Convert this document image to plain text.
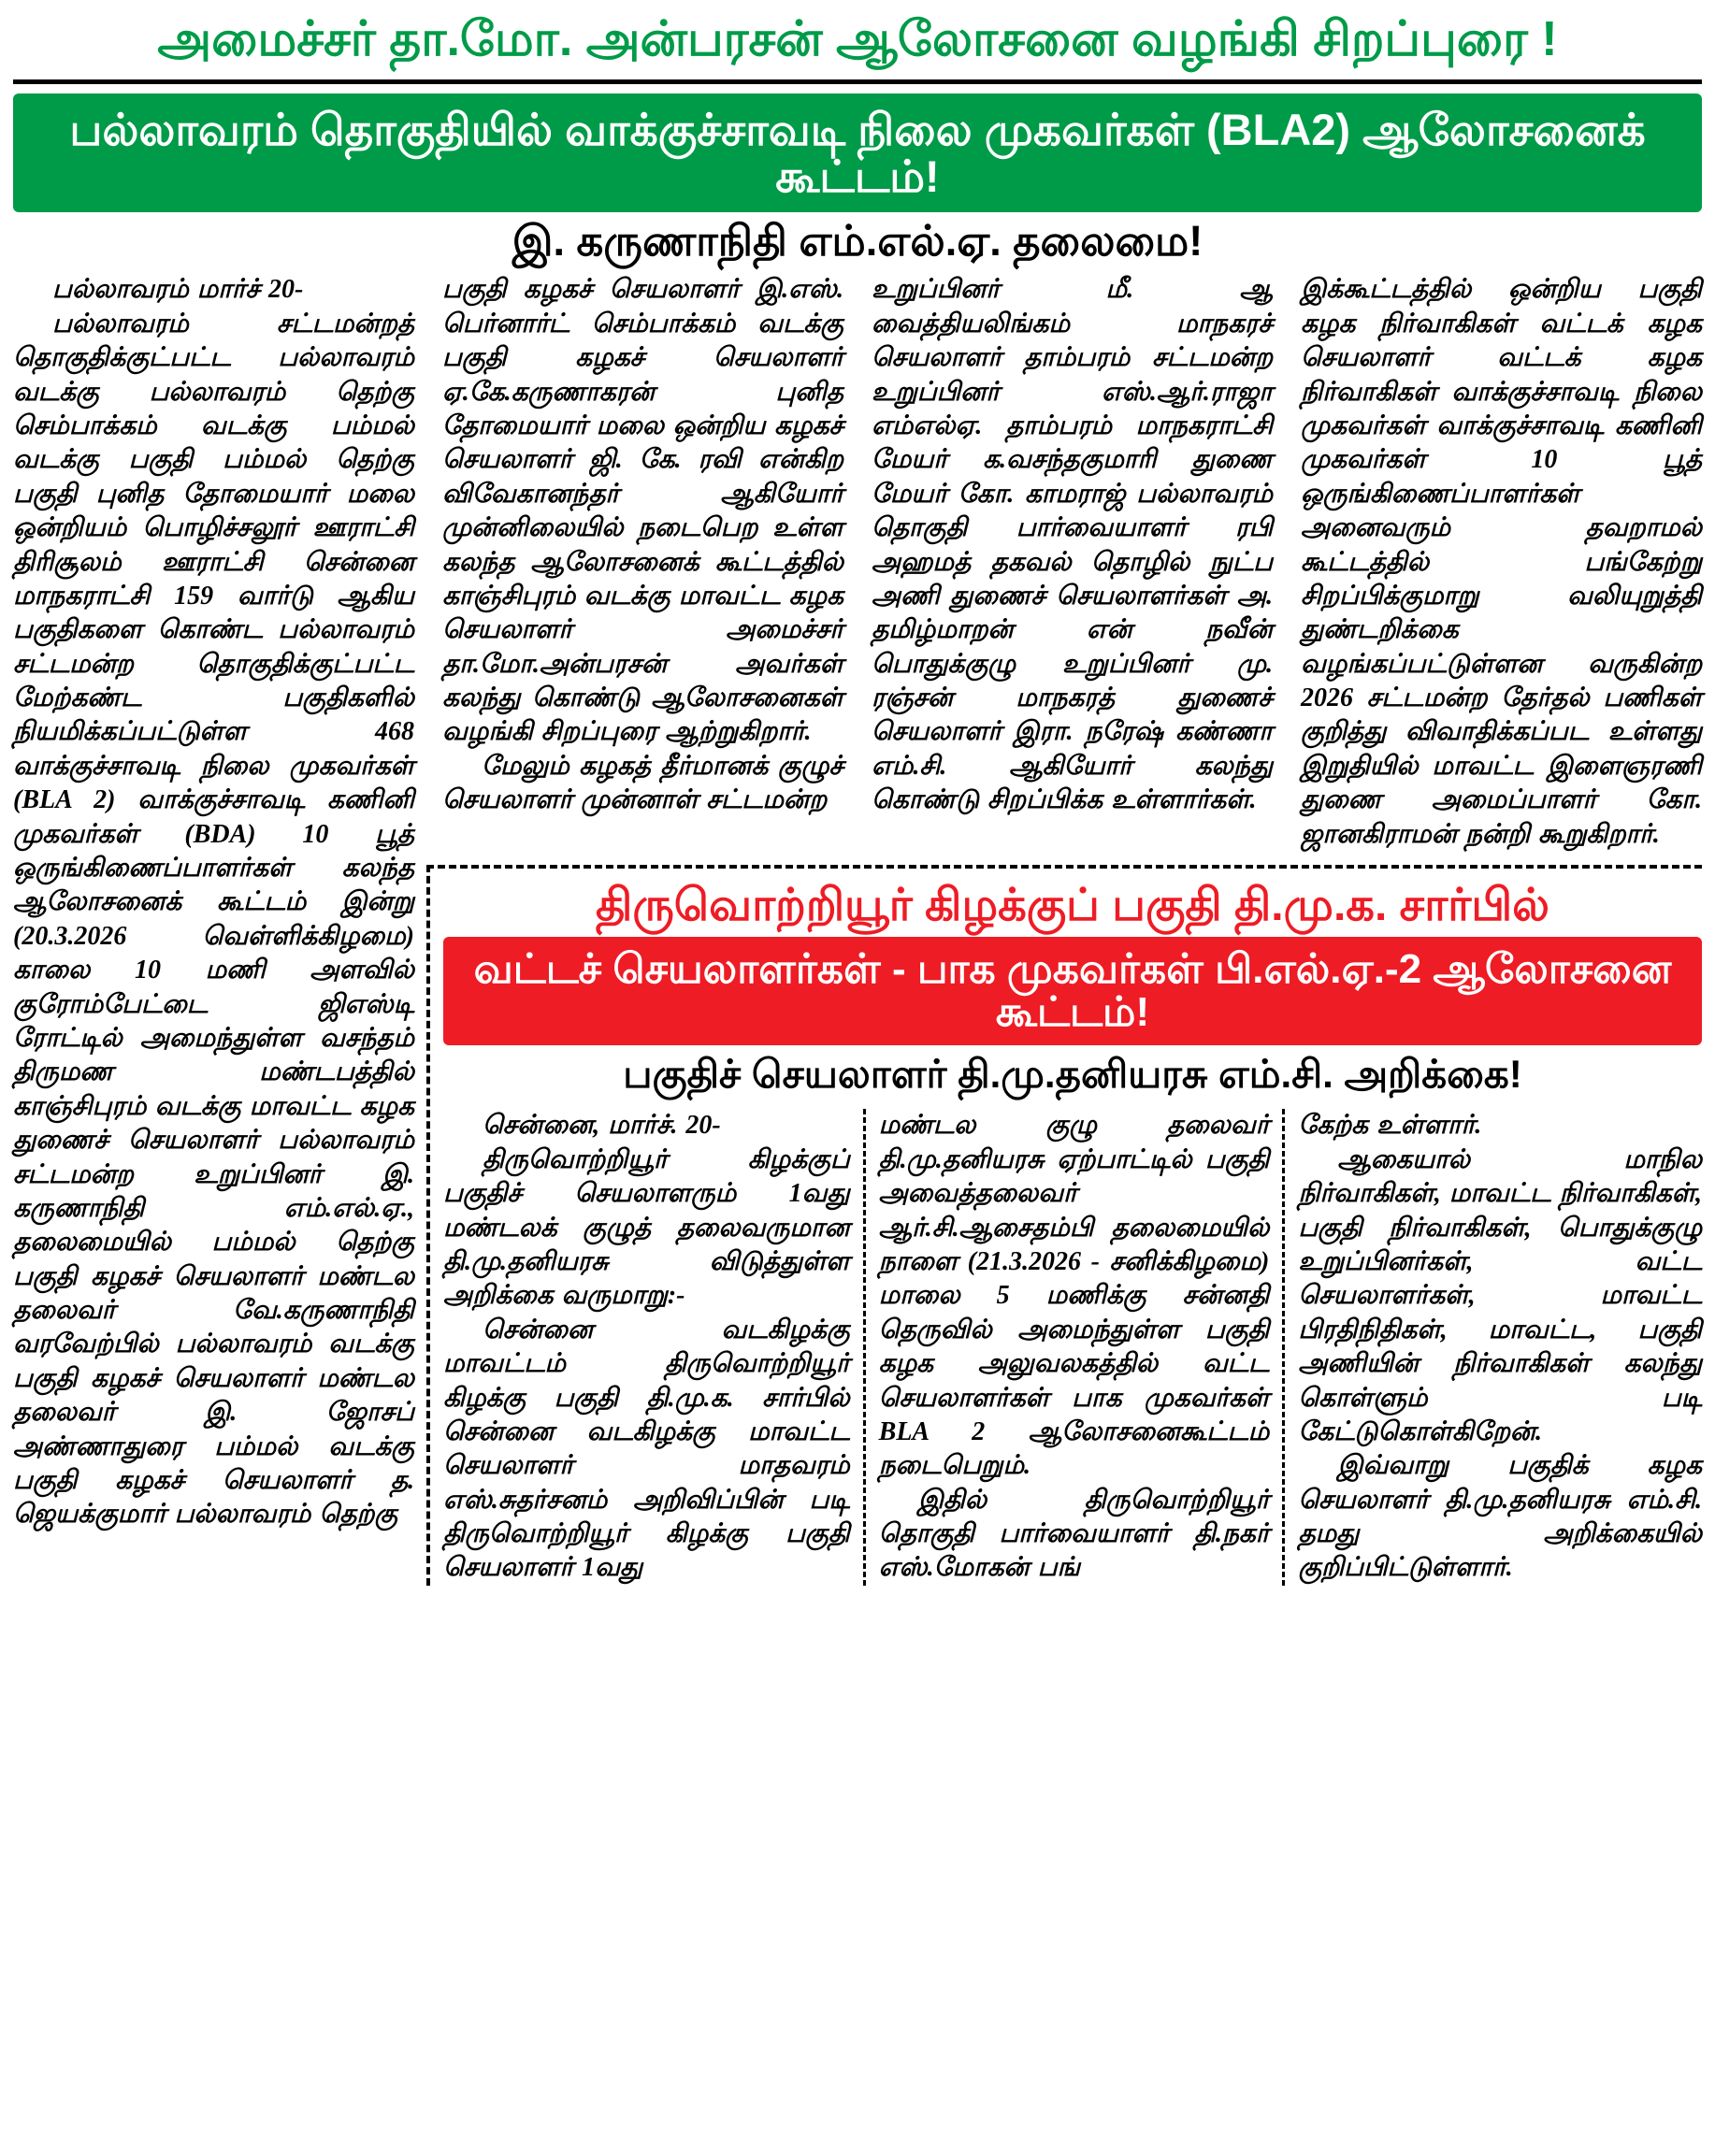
அமைச்சர் தா.மோ. அன்பரசன் ஆலோசனை வழங்கி சிறப்புரை !
பல்லாவரம் தொகுதியில் வாக்குச்சாவடி நிலை முகவர்கள் (BLA2) ஆலோசனைக் கூட்டம்!
இ. கருணாநிதி எம்.எல்.ஏ. தலைமை!

பல்லாவரம் மார்ச் 20-

பல்லாவரம் சட்டமன்றத் தொகுதிக்குட்பட்ட பல்லாவரம் வடக்கு பல்லாவரம் தெற்கு செம்பாக்கம் வடக்கு பம்மல் வடக்கு பகுதி பம்மல் தெற்கு பகுதி புனித தோமையார் மலை ஒன்றியம் பொழிச்சலூர் ஊராட்சி திரிசூலம் ஊராட்சி சென்னை மாநகராட்சி 159 வார்டு ஆகிய பகுதிகளை கொண்ட பல்லாவரம் சட்டமன்ற தொகுதிக்குட்பட்ட மேற்கண்ட பகுதிகளில் நியமிக்கப்பட்டுள்ள 468 வாக்குச்சாவடி நிலை முகவர்கள் (BLA 2) வாக்குச்சாவடி கணினி முகவர்கள் (BDA) 10 பூத் ஒருங்கிணைப்பாளர்கள் கலந்த ஆலோசனைக் கூட்டம் இன்று (20.3.2026 வெள்ளிக்கிழமை) காலை 10 மணி அளவில் குரோம்பேட்டை ஜிஎஸ்டி ரோட்டில் அமைந்துள்ள வசந்தம் திருமண மண்டபத்தில் காஞ்சிபுரம் வடக்கு மாவட்ட கழக துணைச் செயலாளர் பல்லாவரம் சட்டமன்ற உறுப்பினர் இ. கருணாநிதி எம்.எல்.ஏ., தலைமையில் பம்மல் தெற்கு பகுதி கழகச் செயலாளர் மண்டல தலைவர் வே.கருணாநிதி வரவேற்பில் பல்லாவரம் வடக்கு பகுதி கழகச் செயலாளர் மண்டல தலைவர் இ. ஜோசப் அண்ணாதுரை பம்மல் வடக்கு பகுதி கழகச் செயலாளர் த. ஜெயக்குமார் பல்லாவரம் தெற்கு

பகுதி கழகச் செயலாளர் இ.எஸ். பெர்னார்ட் செம்பாக்கம் வடக்கு பகுதி கழகச் செயலாளர் ஏ.கே.கருணாகரன் புனித தோமையார் மலை ஒன்றிய கழகச் செயலாளர் ஜி. கே. ரவி என்கிற விவேகானந்தர் ஆகியோர் முன்னிலையில் நடைபெற உள்ள கலந்த ஆலோசனைக் கூட்டத்தில் காஞ்சிபுரம் வடக்கு மாவட்ட கழக செயலாளர் அமைச்சர் தா.மோ.அன்பரசன் அவர்கள் கலந்து கொண்டு ஆலோசனைகள் வழங்கி சிறப்புரை ஆற்றுகிறார்.

மேலும் கழகத் தீர்மானக் குழுச் செயலாளர் முன்னாள் சட்டமன்ற

உறுப்பினர் மீ. ஆ வைத்தியலிங்கம் மாநகரச் செயலாளர் தாம்பரம் சட்டமன்ற உறுப்பினர் எஸ்.ஆர்.ராஜா எம்எல்ஏ. தாம்பரம் மாநகராட்சி மேயர் க.வசந்தகுமாரி துணை மேயர் கோ. காமராஜ் பல்லாவரம் தொகுதி பார்வையாளர் ரபி அஹமத் தகவல் தொழில் நுட்ப அணி துணைச் செயலாளர்கள் அ. தமிழ்மாறன் என் நவீன் பொதுக்குழு உறுப்பினர் மு. ரஞ்சன் மாநகரத் துணைச் செயலாளர் இரா. நரேஷ் கண்ணா எம்.சி. ஆகியோர் கலந்து கொண்டு சிறப்பிக்க உள்ளார்கள்.

இக்கூட்டத்தில் ஒன்றிய பகுதி கழக நிர்வாகிகள் வட்டக் கழக செயலாளர் வட்டக் கழக நிர்வாகிகள் வாக்குச்சாவடி நிலை முகவர்கள் வாக்குச்சாவடி கணினி முகவர்கள் 10 பூத் ஒருங்கிணைப்பாளர்கள் அனைவரும் தவறாமல் கூட்டத்தில் பங்கேற்று சிறப்பிக்குமாறு வலியுறுத்தி துண்டறிக்கை வழங்கப்பட்டுள்ளன வருகின்ற 2026 சட்டமன்ற தேர்தல் பணிகள் குறித்து விவாதிக்கப்பட உள்ளது இறுதியில் மாவட்ட இளைஞரணி துணை அமைப்பாளர் கோ. ஜானகிராமன் நன்றி கூறுகிறார்.

திருவொற்றியூர் கிழக்குப் பகுதி தி.மு.க. சார்பில்
வட்டச் செயலாளர்கள் - பாக முகவர்கள் பி.எல்.ஏ.-2 ஆலோசனை கூட்டம்!
பகுதிச் செயலாளர் தி.மு.தனியரசு எம்.சி. அறிக்கை!

சென்னை, மார்ச். 20-

திருவொற்றியூர் கிழக்குப் பகுதிச் செயலாளரும் 1வது மண்டலக் குழுத் தலைவருமான தி.மு.தனியரசு விடுத்துள்ள அறிக்கை வருமாறு:-

சென்னை வடகிழக்கு மாவட்டம் திருவொற்றியூர் கிழக்கு பகுதி தி.மு.க. சார்பில் சென்னை வடகிழக்கு மாவட்ட செயலாளர் மாதவரம் எஸ்.சுதர்சனம் அறிவிப்பின் படி திருவொற்றியூர் கிழக்கு பகுதி செயலாளர் 1வது

மண்டல குழு தலைவர் தி.மு.தனியரசு ஏற்பாட்டில் பகுதி அவைத்தலைவர் ஆர்.சி.ஆசைதம்பி தலைமையில் நாளை (21.3.2026 - சனிக்கிழமை) மாலை 5 மணிக்கு சன்னதி தெருவில் அமைந்துள்ள பகுதி கழக அலுவலகத்தில் வட்ட செயலாளர்கள் பாக முகவர்கள் BLA 2 ஆலோசனைகூட்டம் நடைபெறும்.

இதில் திருவொற்றியூர் தொகுதி பார்வையாளர் தி.நகர் எஸ்.மோகன் பங்

கேற்க உள்ளார்.

ஆகையால் மாநில நிர்வாகிகள், மாவட்ட நிர்வாகிகள், பகுதி நிர்வாகிகள், பொதுக்குழு உறுப்பினர்கள், வட்ட செயலாளர்கள், மாவட்ட பிரதிநிதிகள், மாவட்ட, பகுதி அணியின் நிர்வாகிகள் கலந்து கொள்ளும் படி கேட்டுகொள்கிறேன்.

இவ்வாறு பகுதிக் கழக செயலாளர் தி.மு.தனியரசு எம்.சி. தமது அறிக்கையில் குறிப்பிட்டுள்ளார்.
